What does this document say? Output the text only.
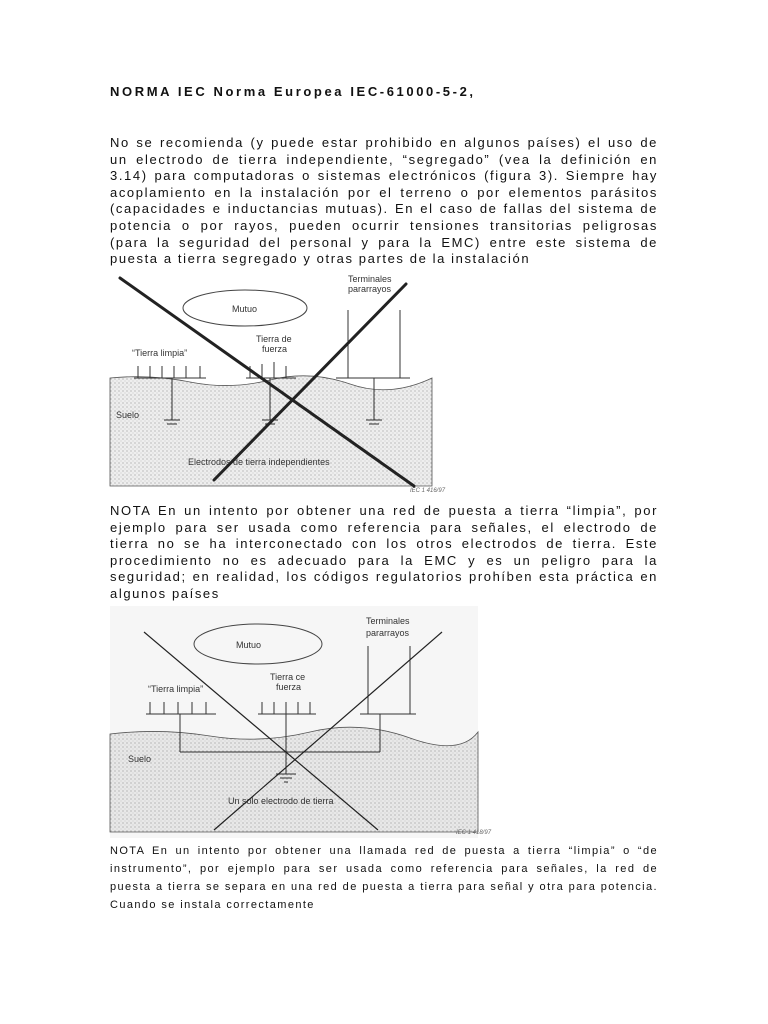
NORMA IEC Norma Europea IEC-61000-5-2,

No se recomienda (y puede estar prohibido en algunos países) el uso de un electrodo de tierra independiente, “segregado” (vea la definición en 3.14) para computadoras o sistemas electrónicos (figura 3). Siempre hay acoplamiento en la instalación por el terreno o por elementos parásitos (capacidades e inductancias mutuas). En el caso de fallas del sistema de potencia o por rayos, pueden ocurrir tensiones transitorias peligrosas (para la seguridad del personal y para la EMC) entre este sistema de puesta a tierra segregado y otras partes de la instalación

Mutuo
“Tierra limpia”
Tierra de
fuerza
Terminales
pararrayos
Suelo
Electrodos de tierra independientes
IEC 1 416/97

NOTA En un intento por obtener una red de puesta a tierra “limpia”, por ejemplo para ser usada como referencia para señales, el electrodo de tierra no se ha interconectado con los otros electrodos de tierra. Este procedimiento no es adecuado para la EMC y es un peligro para la seguridad; en realidad, los códigos regulatorios prohíben esta práctica en algunos países

Mutuo
“Tierra limpia”
Tierra ce
fuerza
Terminales
pararrayos
Suelo
Un solo electrodo de tierra
IEC 1 418/97

NOTA En un intento por obtener una llamada red de puesta a tierra “limpia” o “de instrumento”, por ejemplo para ser usada como referencia para señales, la red de puesta a tierra se separa en una red de puesta a tierra para señal y otra para potencia. Cuando se instala correctamente
